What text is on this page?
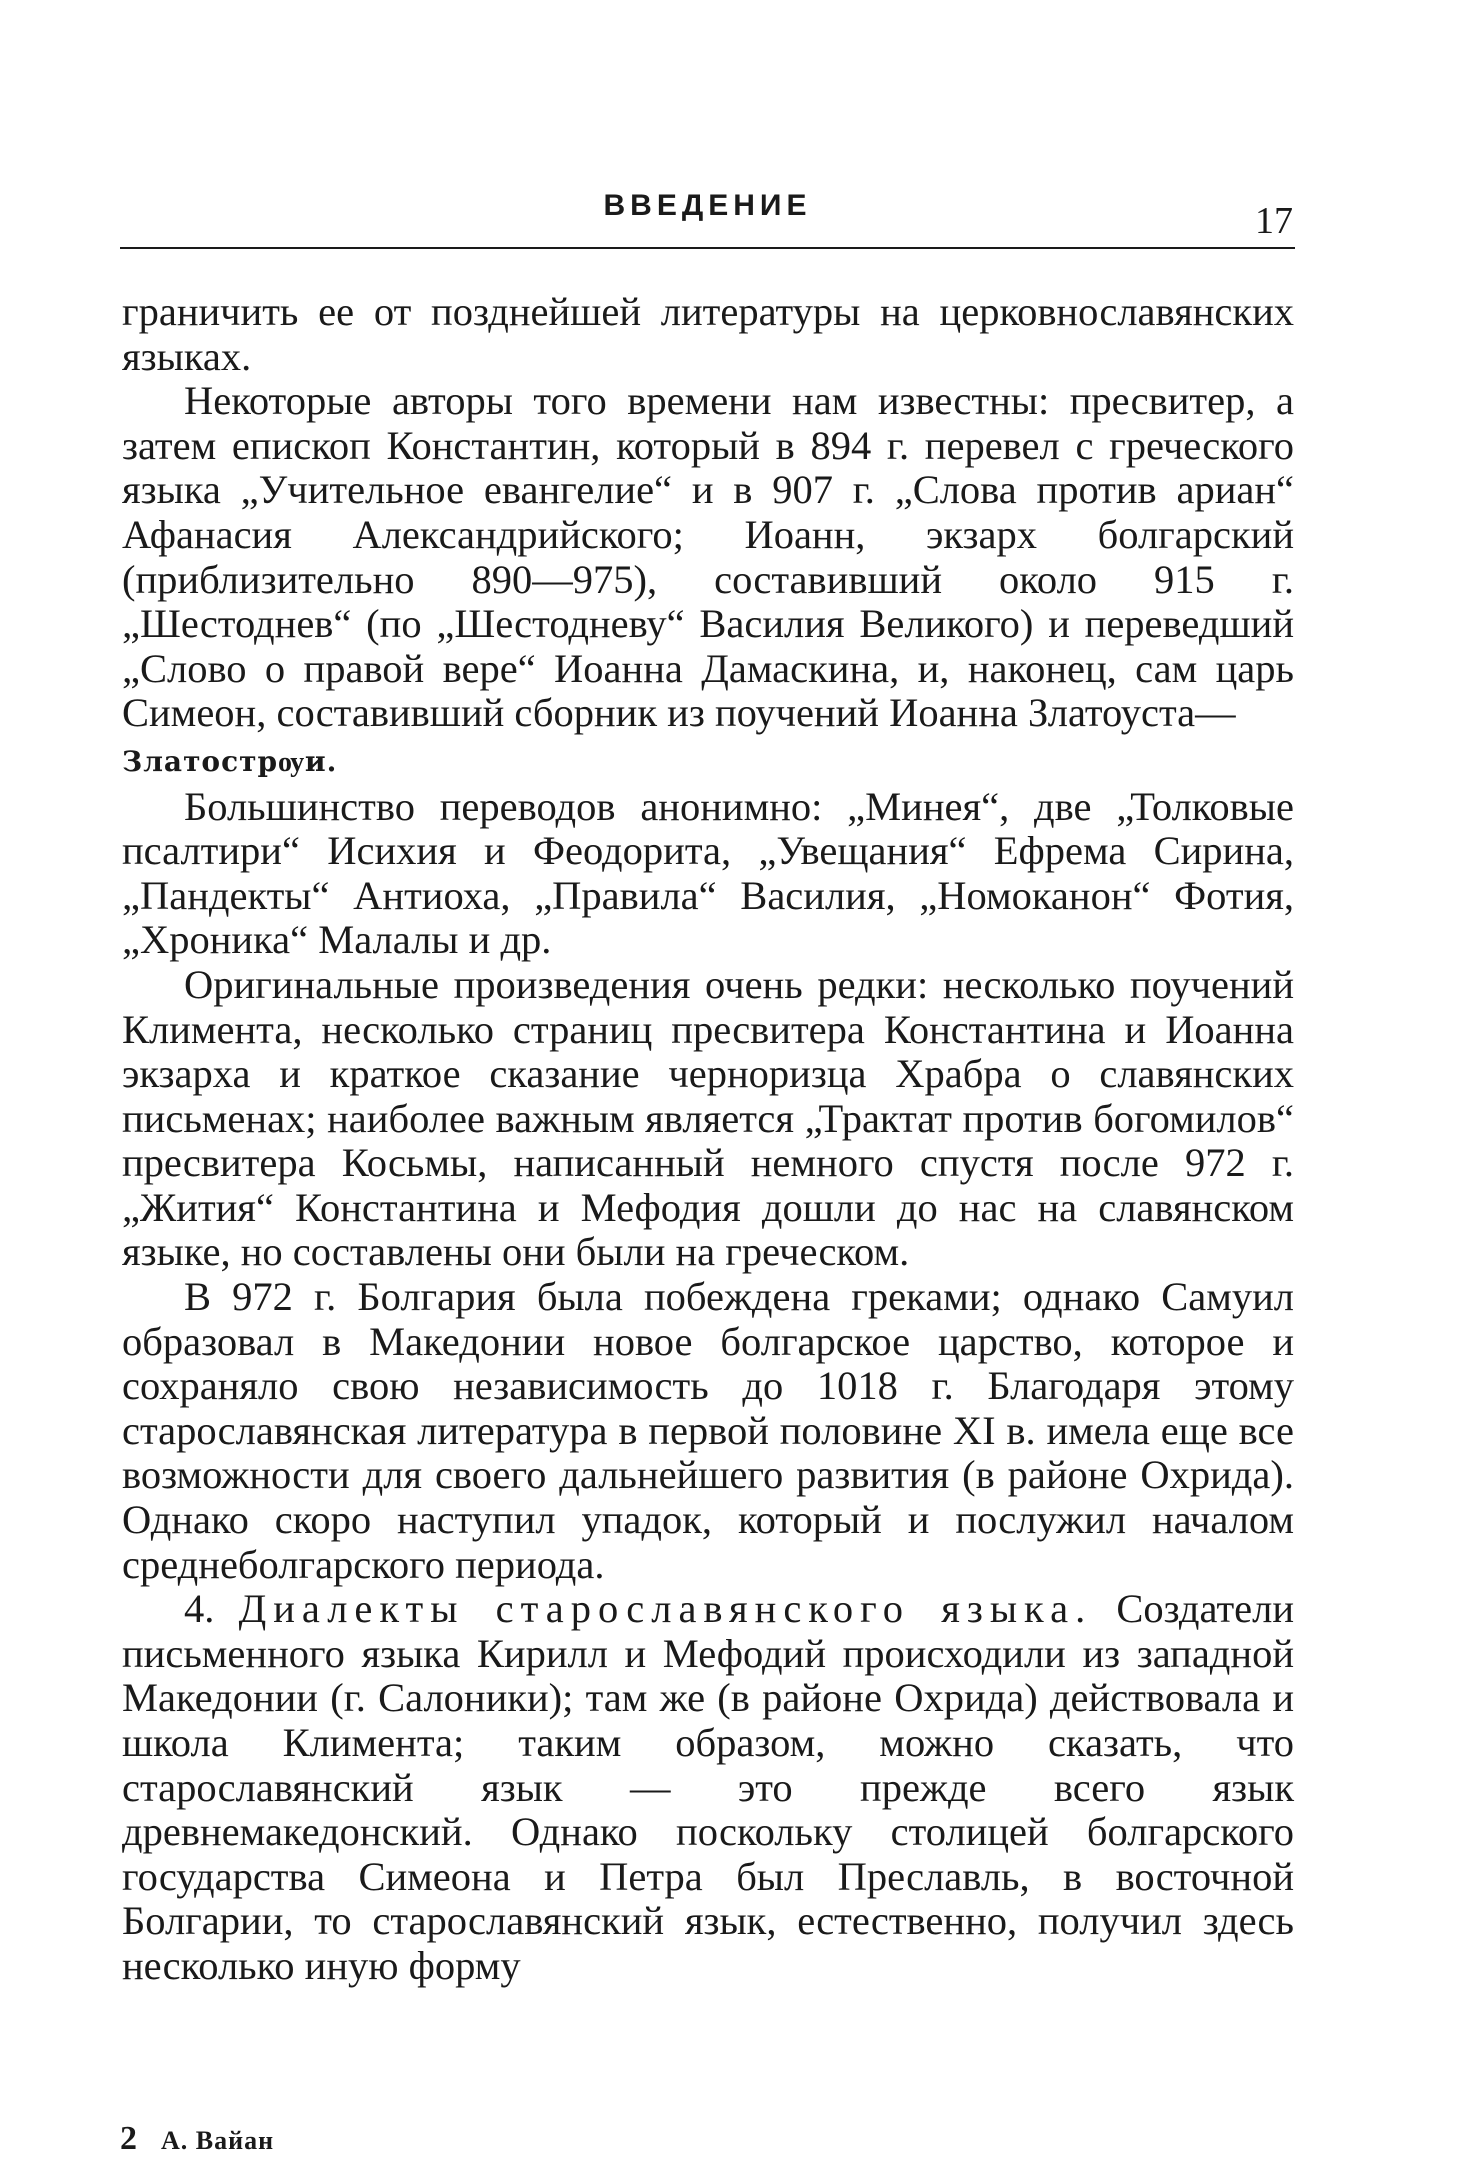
ВВЕДЕНИЕ	17

граничить ее от позднейшей литературы на церковнославянских языках.

Некоторые авторы того времени нам известны: пресвитер, а затем епископ Константин, который в 894 г. перевел с греческого языка „Учительное евангелие“ и в 907 г. „Слова против ариан“ Афанасия Александрийского; Иоанн, экзарх болгарский (приблизительно 890—975), составивший около 915 г. „Шестоднев“ (по „Шестодневу“ Василия Великого) и переведший „Слово о правой вере“ Иоанна Дамаскина, и, наконец, сам царь Симеон, составивший сборник из поучений Иоанна Златоуста—
Златострѹи.

Большинство переводов анонимно: „Минея“, две „Толковые псалтири“ Исихия и Феодорита, „Увещания“ Ефрема Сирина, „Пандекты“ Антиоха, „Правила“ Василия, „Номоканон“ Фотия, „Хроника“ Малалы и др.

Оригинальные произведения очень редки: несколько поучений Климента, несколько страниц пресвитера Константина и Иоанна экзарха и краткое сказание черноризца Храбра о славянских письменах; наиболее важным является „Трактат против богомилов“ пресвитера Косьмы, написанный немного спустя после 972 г. „Жития“ Константина и Мефодия дошли до нас на славянском языке, но составлены они были на греческом.

В 972 г. Болгария была побеждена греками; однако Самуил образовал в Македонии новое болгарское царство, которое и сохраняло свою независимость до 1018 г. Благодаря этому старославянская литература в первой половине XI в. имела еще все возможности для своего дальнейшего развития (в районе Охрида). Однако скоро наступил упадок, который и послужил началом среднеболгарского периода.

4. Диалекты старославянского языка. Создатели письменного языка Кирилл и Мефодий происходили из западной Македонии (г. Салоники); там же (в районе Охрида) действовала и школа Климента; таким образом, можно сказать, что старославянский язык — это прежде всего язык древнемакедонский. Однако поскольку столицей болгарского государства Симеона и Петра был Преславль, в восточной Болгарии, то старославянский язык, естественно, получил здесь несколько иную форму

2 А. Вайан
